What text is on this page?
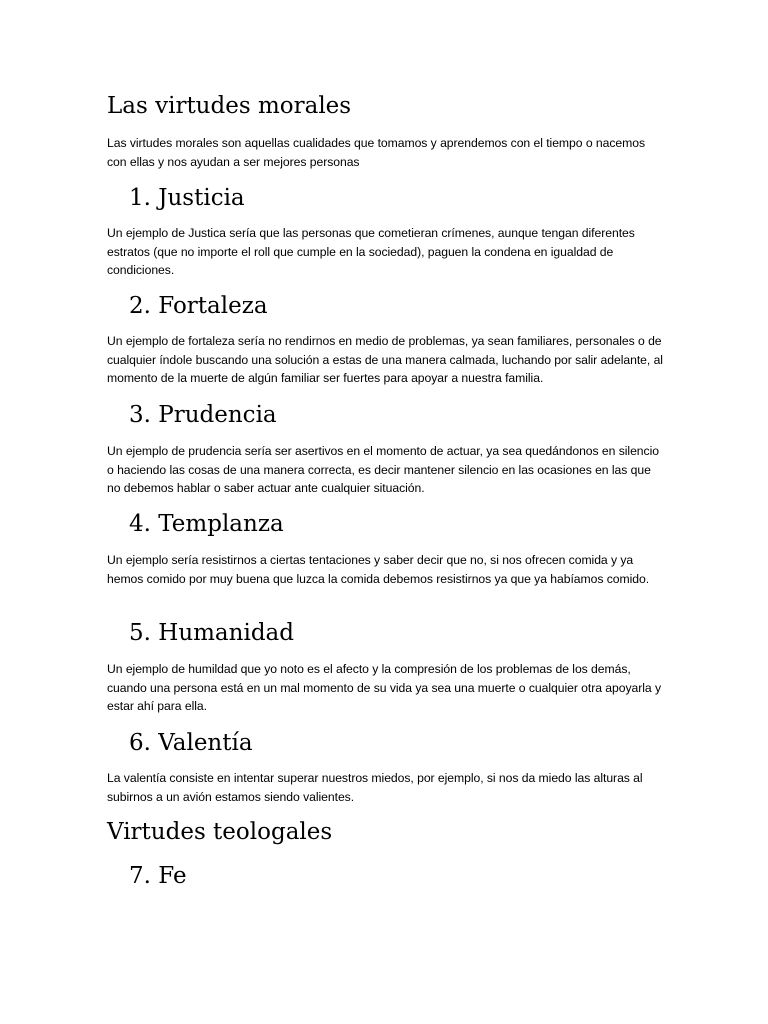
Las virtudes morales

Las virtudes morales son aquellas cualidades que tomamos y aprendemos con el tiempo o nacemos con ellas y nos ayudan a ser mejores personas

1. Justicia

Un ejemplo de Justica sería que las personas que cometieran crímenes, aunque tengan diferentes estratos (que no importe el roll que cumple en la sociedad), paguen la condena en igualdad de condiciones.

2. Fortaleza

Un ejemplo de fortaleza sería no rendirnos en medio de problemas, ya sean familiares, personales o de cualquier índole buscando una solución a estas de una manera calmada, luchando por salir adelante, al momento de la muerte de algún familiar ser fuertes para apoyar a nuestra familia.

3. Prudencia

Un ejemplo de prudencia sería ser asertivos en el momento de actuar, ya sea quedándonos en silencio o haciendo las cosas de una manera correcta, es decir mantener silencio en las ocasiones en las que no debemos hablar o saber actuar ante cualquier situación.

4. Templanza

Un ejemplo sería resistirnos a ciertas tentaciones y saber decir que no, si nos ofrecen comida y ya hemos comido por muy buena que luzca la comida debemos resistirnos ya que ya habíamos comido.

5. Humanidad

Un ejemplo de humildad que yo noto es el afecto y la compresión de los problemas de los demás, cuando una persona está en un mal momento de su vida ya sea una muerte o cualquier otra apoyarla y estar ahí para ella.

6. Valentía

La valentía consiste en intentar superar nuestros miedos, por ejemplo, si nos da miedo las alturas al subirnos a un avión estamos siendo valientes.

Virtudes teologales
7. Fe
